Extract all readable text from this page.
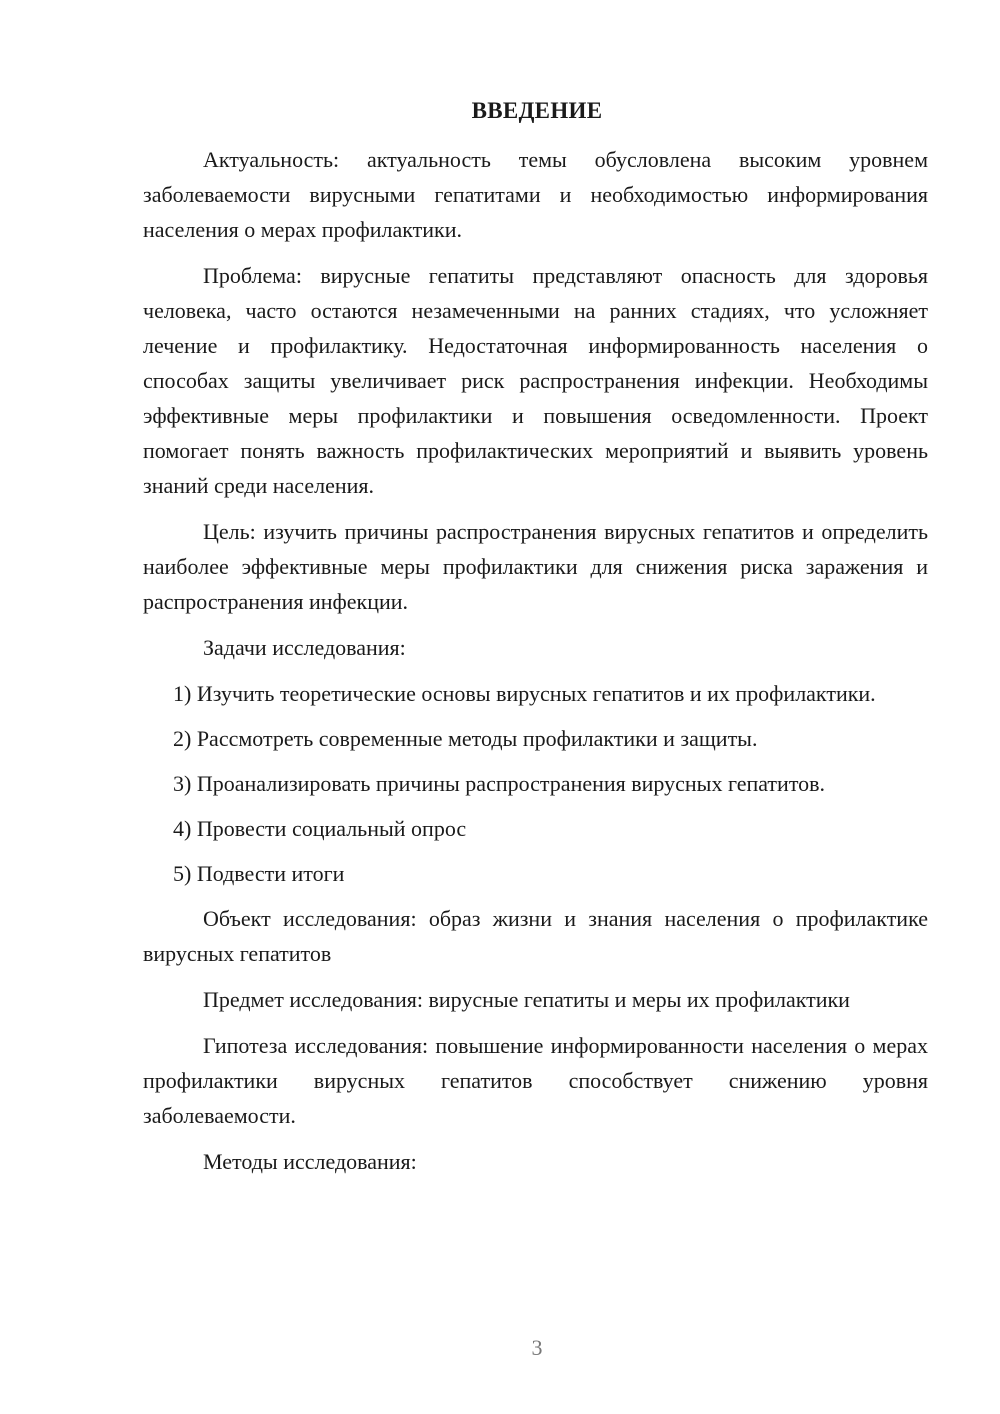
ВВЕДЕНИЕ

Актуальность: актуальность темы обусловлена высоким уровнем заболеваемости вирусными гепатитами и необходимостью информирования населения о мерах профилактики.

Проблема: вирусные гепатиты представляют опасность для здоровья человека, часто остаются незамеченными на ранних стадиях, что усложняет лечение и профилактику. Недостаточная информированность населения о способах защиты увеличивает риск распространения инфекции. Необходимы эффективные меры профилактики и повышения осведомленности. Проект помогает понять важность профилактических мероприятий и выявить уровень знаний среди населения.

Цель: изучить причины распространения вирусных гепатитов и определить наиболее эффективные меры профилактики для снижения риска заражения и распространения инфекции.

Задачи исследования:

1) Изучить теоретические основы вирусных гепатитов и их профилактики.

2) Рассмотреть современные методы профилактики и защиты.

3) Проанализировать причины распространения вирусных гепатитов.

4) Провести социальный опрос

5) Подвести итоги

Объект исследования: образ жизни и знания населения о профилактике вирусных гепатитов

Предмет исследования: вирусные гепатиты и меры их профилактики

Гипотеза исследования: повышение информированности населения о мерах профилактики вирусных гепатитов способствует снижению уровня заболеваемости.

Методы исследования:

3
